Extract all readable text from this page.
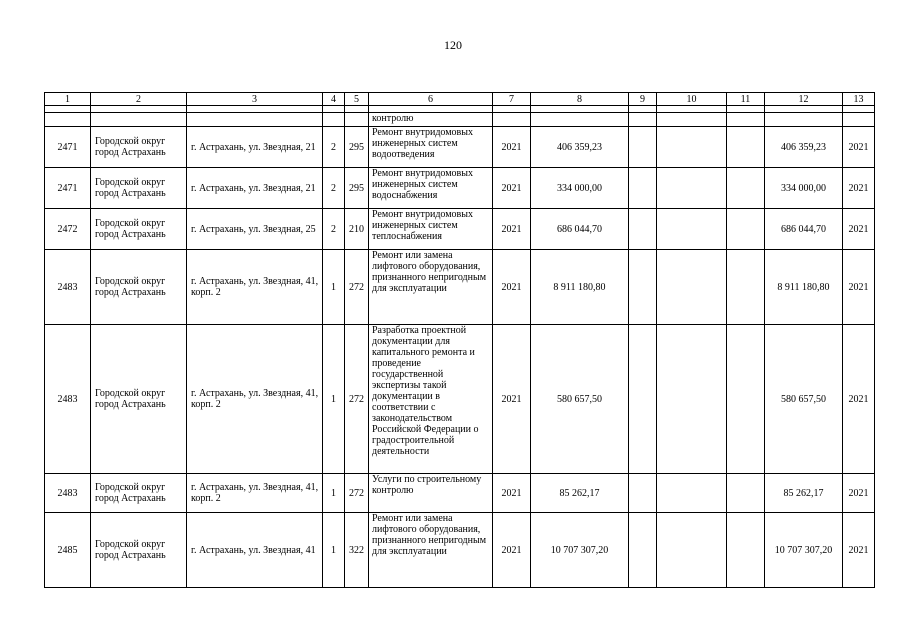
120
1	2	3	4	5	6	7	8	9	10	11	12	13

					контролю							
2471	Городской округ город Астрахань	г. Астрахань, ул. Звездная, 21	2	295	Ремонт внутридомовых инженерных систем водоотведения	2021	406 359,23				406 359,23	2021
2471	Городской округ город Астрахань	г. Астрахань, ул. Звездная, 21	2	295	Ремонт внутридомовых инженерных систем водоснабжения	2021	334 000,00				334 000,00	2021
2472	Городской округ город Астрахань	г. Астрахань, ул. Звездная, 25	2	210	Ремонт внутридомовых инженерных систем теплоснабжения	2021	686 044,70				686 044,70	2021
2483	Городской округ город Астрахань	г. Астрахань, ул. Звездная, 41, корп. 2	1	272	Ремонт или замена лифтового оборудования, признанного непригодным для эксплуатации	2021	8 911 180,80				8 911 180,80	2021
2483	Городской округ город Астрахань	г. Астрахань, ул. Звездная, 41, корп. 2	1	272	Разработка проектной документации для капитального ремонта и проведение государственной экспертизы такой документации в соответствии с законодательством Российской Федерации о градостроительной деятельности	2021	580 657,50				580 657,50	2021
2483	Городской округ город Астрахань	г. Астрахань, ул. Звездная, 41, корп. 2	1	272	Услуги по строительному контролю	2021	85 262,17				85 262,17	2021
2485	Городской округ город Астрахань	г. Астрахань, ул. Звездная, 41	1	322	Ремонт или замена лифтового оборудования, признанного непригодным для эксплуатации	2021	10 707 307,20				10 707 307,20	2021
